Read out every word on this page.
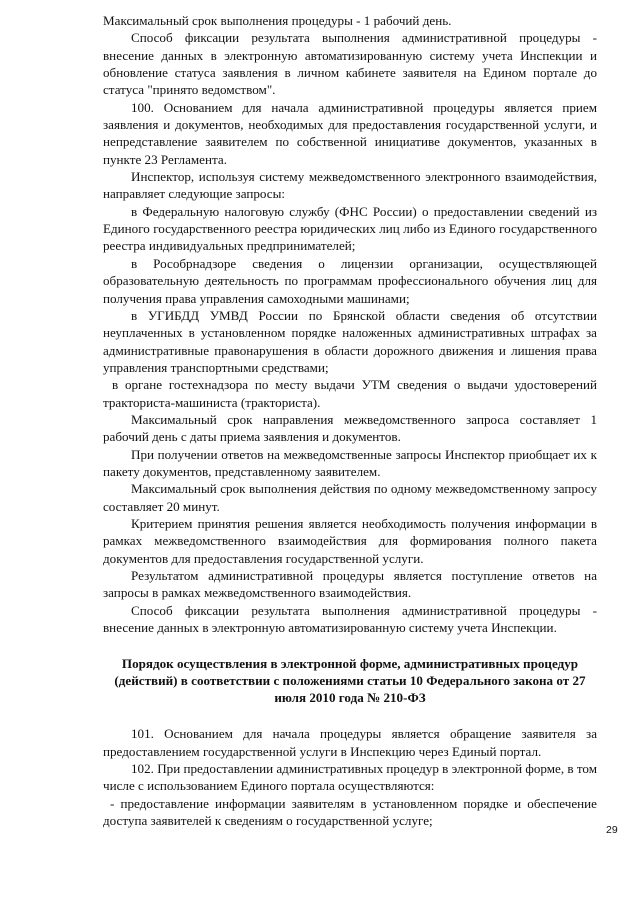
Максимальный срок выполнения процедуры - 1 рабочий день.

Способ фиксации результата выполнения административной процедуры - внесение данных в электронную автоматизированную систему учета Инспекции и обновление статуса заявления в личном кабинете заявителя на Едином портале до статуса "принято ведомством".

100. Основанием для начала административной процедуры является прием заявления и документов, необходимых для предоставления государственной услуги, и непредставление заявителем по собственной инициативе документов, указанных в пункте 23 Регламента.

Инспектор, используя систему межведомственного электронного взаимодействия, направляет следующие запросы:

в Федеральную налоговую службу (ФНС России) о предоставлении сведений из Единого государственного реестра юридических лиц либо из Единого государственного реестра индивидуальных предпринимателей;

в Рособрнадзоре сведения о лицензии организации, осуществляющей образовательную деятельность по программам профессионального обучения лиц для получения права управления самоходными машинами;

в УГИБДД УМВД России по Брянской области сведения об отсутствии неуплаченных в установленном порядке наложенных административных штрафах за административные правонарушения в области дорожного движения и лишения права управления транспортными средствами;

в органе гостехнадзора по месту выдачи УТМ сведения о выдачи удостоверений тракториста-машиниста (тракториста).

Максимальный срок направления межведомственного запроса составляет 1 рабочий день с даты приема заявления и документов.

При получении ответов на межведомственные запросы Инспектор приобщает их к пакету документов, представленному заявителем.

Максимальный срок выполнения действия по одному межведомственному запросу составляет 20 минут.

Критерием принятия решения является необходимость получения информации в рамках межведомственного взаимодействия для формирования полного пакета документов для предоставления государственной услуги.

Результатом административной процедуры является поступление ответов на запросы в рамках межведомственного взаимодействия.

Способ фиксации результата выполнения административной процедуры - внесение данных в электронную автоматизированную систему учета Инспекции.

Порядок осуществления в электронной форме, административных процедур (действий) в соответствии с положениями статьи 10 Федерального закона от 27 июля 2010 года № 210-ФЗ

101. Основанием для начала процедуры является обращение заявителя за предоставлением государственной услуги в Инспекцию через Единый портал.

102. При предоставлении административных процедур в электронной форме, в том числе с использованием Единого портала осуществляются:

- предоставление информации заявителям в установленном порядке и обеспечение доступа заявителей к сведениям о государственной услуге;

29
